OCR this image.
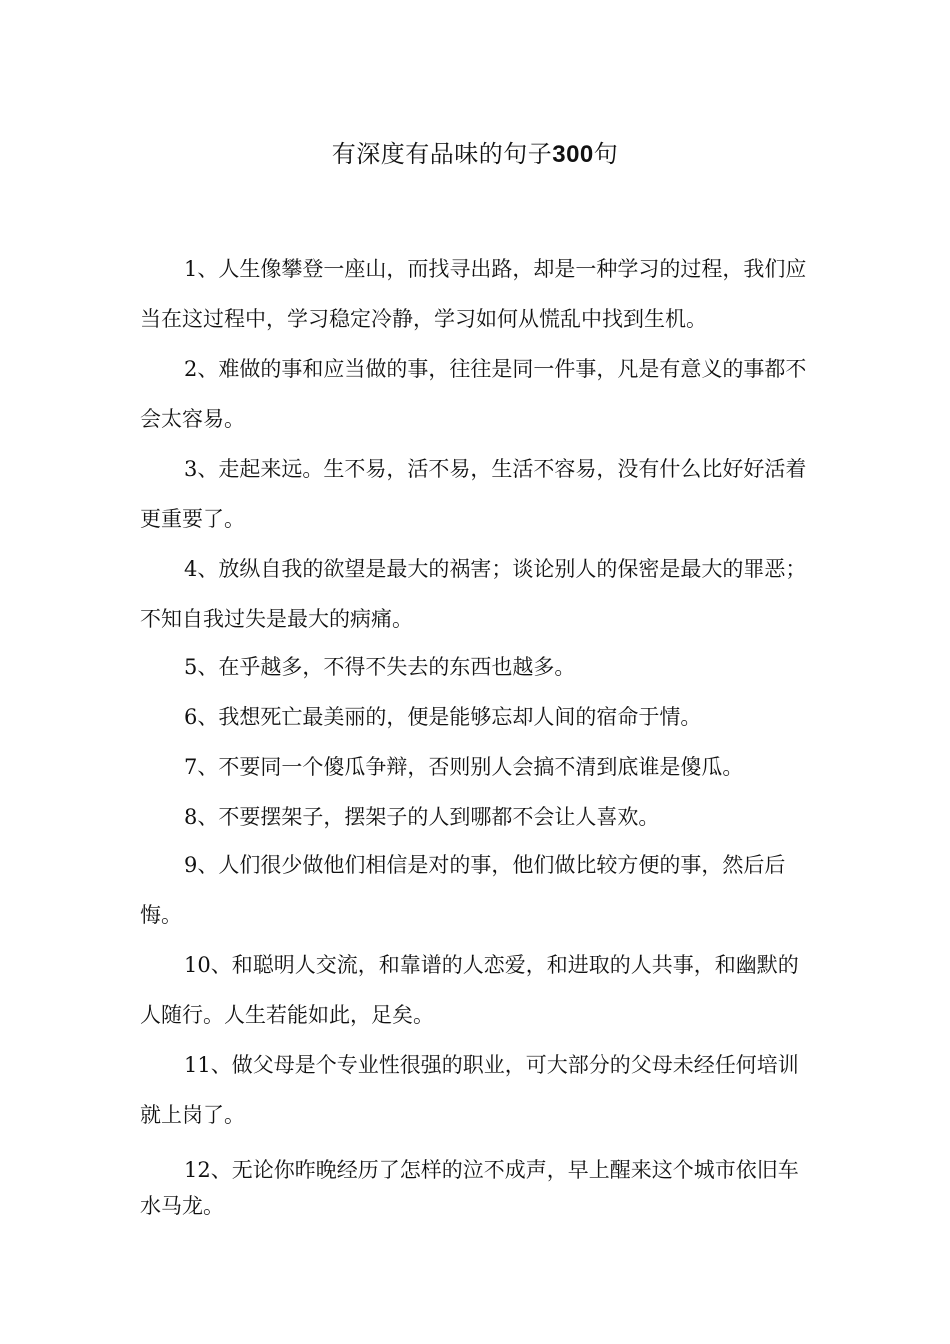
有深度有品味的句子300句

1、人生像攀登一座山，而找寻出路，却是一种学习的过程，我们应当在这过程中，学习稳定冷静，学习如何从慌乱中找到生机。

2、难做的事和应当做的事，往往是同一件事，凡是有意义的事都不会太容易。

3、走起来远。生不易，活不易，生活不容易，没有什么比好好活着更重要了。

4、放纵自我的欲望是最大的祸害；谈论别人的保密是最大的罪恶；不知自我过失是最大的病痛。

5、在乎越多，不得不失去的东西也越多。

6、我想死亡最美丽的，便是能够忘却人间的宿命于情。

7、不要同一个傻瓜争辩，否则别人会搞不清到底谁是傻瓜。

8、不要摆架子，摆架子的人到哪都不会让人喜欢。

9、人们很少做他们相信是对的事，他们做比较方便的事，然后后悔。

10、和聪明人交流，和靠谱的人恋爱，和进取的人共事，和幽默的人随行。人生若能如此，足矣。

11、做父母是个专业性很强的职业，可大部分的父母未经任何培训就上岗了。

12、无论你昨晚经历了怎样的泣不成声，早上醒来这个城市依旧车水马龙。
